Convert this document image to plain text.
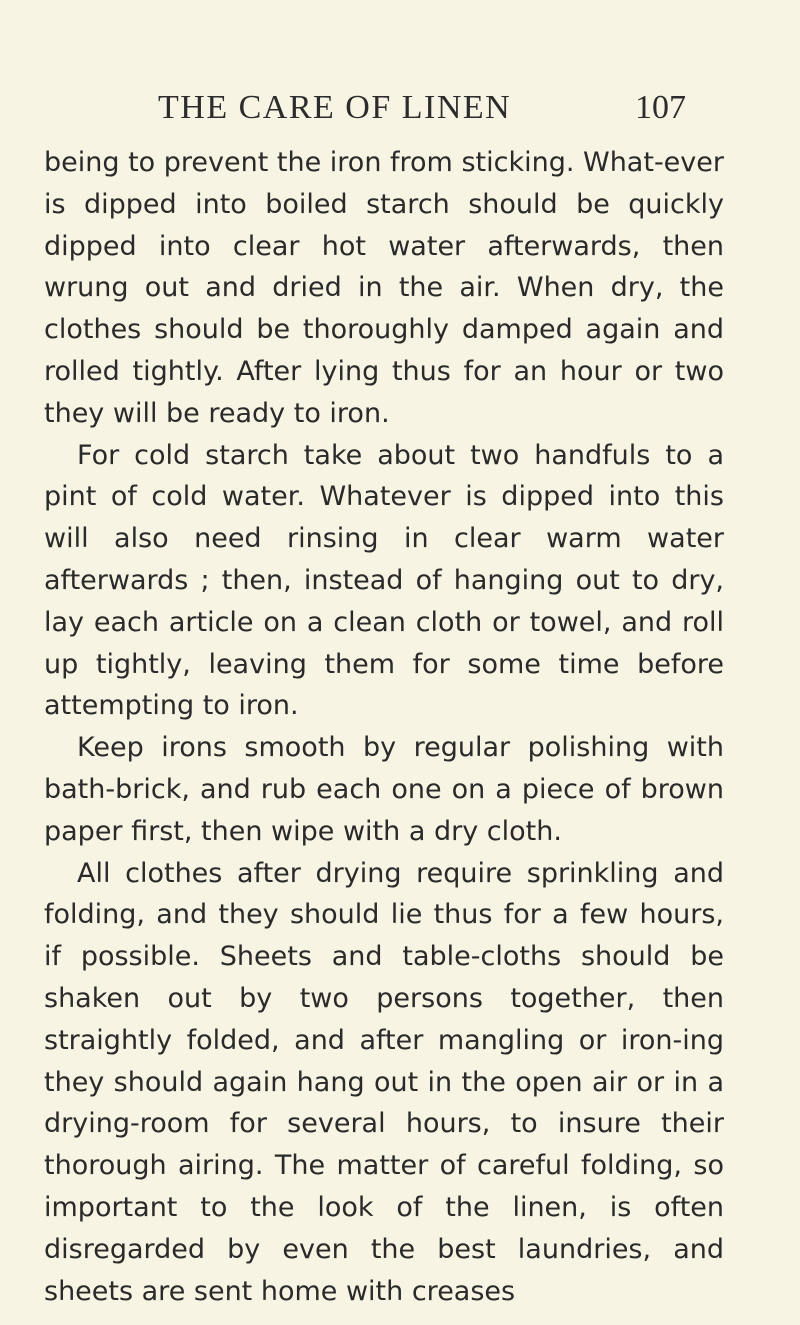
THE CARE OF LINEN	107

being to prevent the iron from sticking. What-ever is dipped into boiled starch should be quickly dipped into clear hot water afterwards, then wrung out and dried in the air. When dry, the clothes should be thoroughly damped again and rolled tightly. After lying thus for an hour or two they will be ready to iron.

For cold starch take about two handfuls to a pint of cold water. Whatever is dipped into this will also need rinsing in clear warm water afterwards ; then, instead of hanging out to dry, lay each article on a clean cloth or towel, and roll up tightly, leaving them for some time before attempting to iron.

Keep irons smooth by regular polishing with bath-brick, and rub each one on a piece of brown paper first, then wipe with a dry cloth.

All clothes after drying require sprinkling and folding, and they should lie thus for a few hours, if possible. Sheets and table-cloths should be shaken out by two persons together, then straightly folded, and after mangling or iron-ing they should again hang out in the open air or in a drying-room for several hours, to insure their thorough airing. The matter of careful folding, so important to the look of the linen, is often disregarded by even the best laundries, and sheets are sent home with creases
